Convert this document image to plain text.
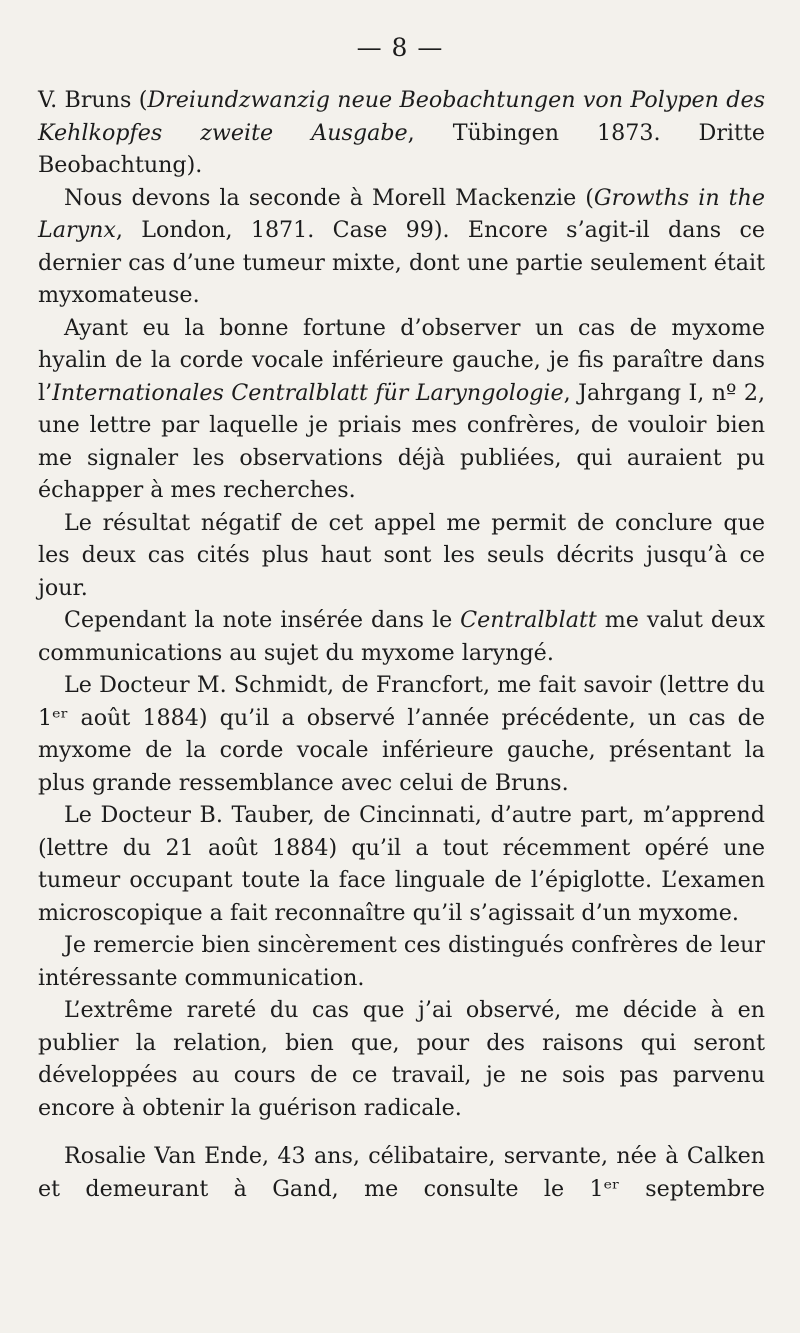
— 8 —

V. Bruns (Dreiundzwanzig neue Beobachtungen von Polypen des Kehlkopfes zweite Ausgabe, Tübingen 1873. Dritte Beobachtung).

Nous devons la seconde à Morell Mackenzie (Growths in the Larynx, London, 1871. Case 99). Encore s’agit-il dans ce dernier cas d’une tumeur mixte, dont une partie seulement était myxomateuse.

Ayant eu la bonne fortune d’observer un cas de myxome hyalin de la corde vocale inférieure gauche, je fis paraître dans l’Internationales Centralblatt für Laryngologie, Jahrgang I, nº 2, une lettre par laquelle je priais mes confrères, de vouloir bien me signaler les observations déjà publiées, qui auraient pu échapper à mes recherches.

Le résultat négatif de cet appel me permit de conclure que les deux cas cités plus haut sont les seuls décrits jusqu’à ce jour.

Cependant la note insérée dans le Centralblatt me valut deux communications au sujet du myxome laryngé.

Le Docteur M. Schmidt, de Francfort, me fait savoir (lettre du 1ᵉʳ août 1884) qu’il a observé l’année précédente, un cas de myxome de la corde vocale inférieure gauche, présentant la plus grande ressemblance avec celui de Bruns.

Le Docteur B. Tauber, de Cincinnati, d’autre part, m’apprend (lettre du 21 août 1884) qu’il a tout récemment opéré une tumeur occupant toute la face linguale de l’épiglotte. L’examen microscopique a fait reconnaître qu’il s’agissait d’un myxome.

Je remercie bien sincèrement ces distingués confrères de leur intéressante communication.

L’extrême rareté du cas que j’ai observé, me décide à en publier la relation, bien que, pour des raisons qui seront développées au cours de ce travail, je ne sois pas parvenu encore à obtenir la guérison radicale.

Rosalie Van Ende, 43 ans, célibataire, servante, née à Calken et demeurant à Gand, me consulte le 1ᵉʳ septembre
